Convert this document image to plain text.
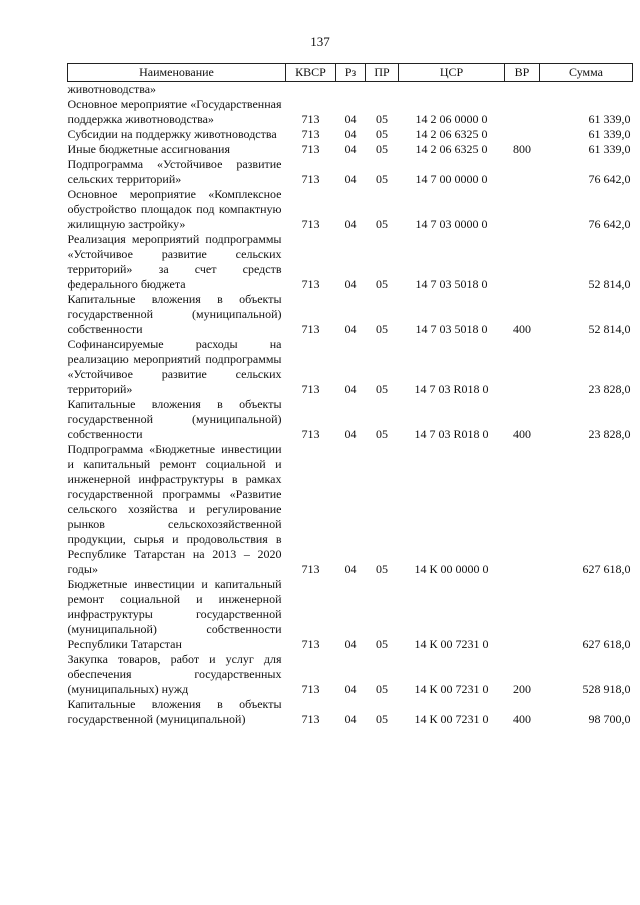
137
Наименование	КВСР	Рз	ПР	ЦСР	ВР	Сумма
животноводства»						
Основное мероприятие «Государственная поддержка животноводства»	713	04	05	14 2 06 0000 0		61 339,0
Субсидии на поддержку животноводства	713	04	05	14 2 06 6325 0		61 339,0
Иные бюджетные ассигнования	713	04	05	14 2 06 6325 0	800	61 339,0
Подпрограмма «Устойчивое развитие сельских территорий»	713	04	05	14 7 00 0000 0		76 642,0
Основное мероприятие «Комплексное обустройство площадок под компактную жилищную застройку»	713	04	05	14 7 03 0000 0		76 642,0
Реализация мероприятий подпрограммы «Устойчивое развитие сельских территорий» за счет средств федерального бюджета	713	04	05	14 7 03 5018 0		52 814,0
Капитальные вложения в объекты государственной (муниципальной) собственности	713	04	05	14 7 03 5018 0	400	52 814,0
Софинансируемые расходы на реализацию мероприятий подпрограммы «Устойчивое развитие сельских территорий»	713	04	05	14 7 03 R018 0		23 828,0
Капитальные вложения в объекты государственной (муниципальной) собственности	713	04	05	14 7 03 R018 0	400	23 828,0
Подпрограмма «Бюджетные инвестиции и капитальный ремонт социальной и инженерной инфраструктуры в рамках государственной программы «Развитие сельского хозяйства и регулирование рынков сельскохозяйственной продукции, сырья и продовольствия в Республике Татарстан на 2013 – 2020 годы»	713	04	05	14 К 00 0000 0		627 618,0
Бюджетные инвестиции и капитальный ремонт социальной и инженерной инфраструктуры государственной (муниципальной) собственности Республики Татарстан	713	04	05	14 К 00 7231 0		627 618,0
Закупка товаров, работ и услуг для обеспечения государственных (муниципальных) нужд	713	04	05	14 К 00 7231 0	200	528 918,0
Капитальные вложения в объекты государственной (муниципальной)	713	04	05	14 К 00 7231 0	400	98 700,0
